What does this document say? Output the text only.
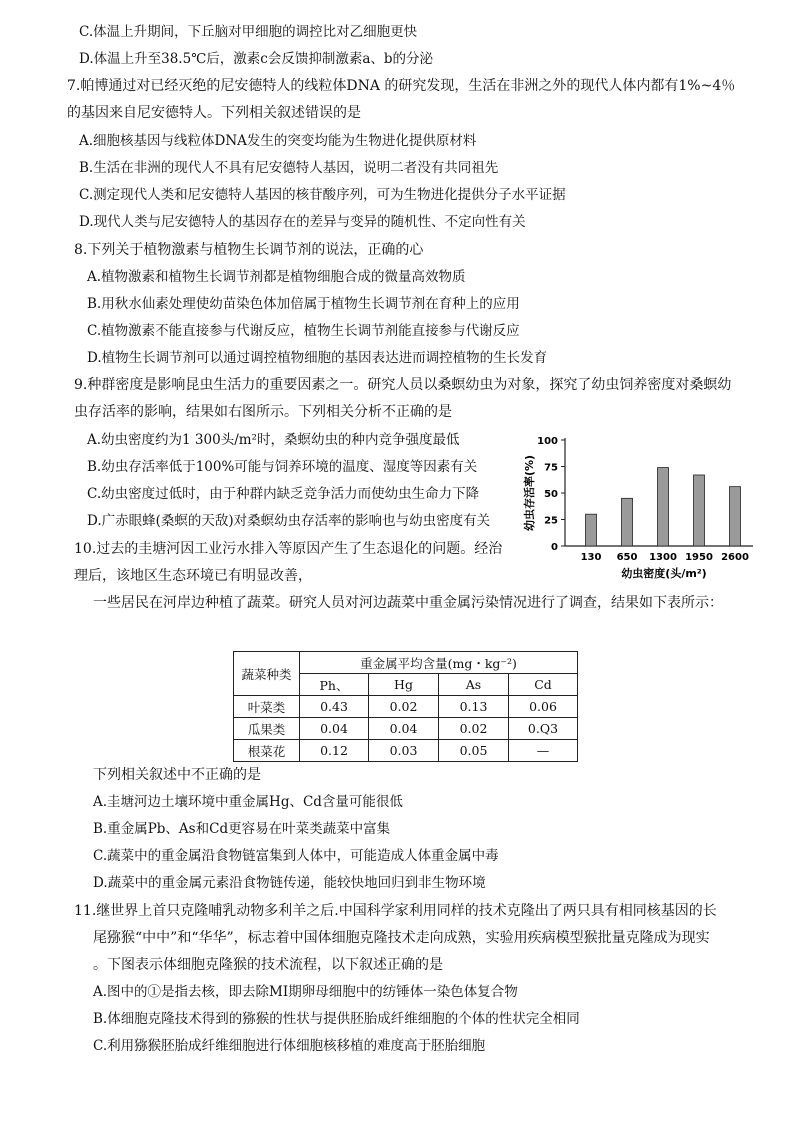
C.体温上升期间，下丘脑对甲细胞的调控比对乙细胞更快
D.体温上升至38.5℃后，激素c会反馈抑制激素a、b的分泌
7.帕博通过对已经灭绝的尼安德特人的线粒体DNA 的研究发现，生活在非洲之外的现代人体内都有1%~4％
的基因来自尼安德特人。下列相关叙述错误的是
A.细胞核基因与线粒体DNA发生的突变均能为生物进化提供原材料
B.生活在非洲的现代人不具有尼安德特人基因，说明二者没有共同祖先
C.测定现代人类和尼安德特人基因的核苷酸序列，可为生物进化提供分子水平证据
D.现代人类与尼安德特人的基因存在的差异与变异的随机性、不定向性有关
8.下列关于植物激素与植物生长调节剂的说法，正确的心
A.植物激素和植物生长调节剂都是植物细胞合成的微量高效物质
B.用秋水仙素处理使幼苗染色体加倍属于植物生长调节剂在育种上的应用
C.植物激素不能直接参与代谢反应，植物生长调节剂能直接参与代谢反应
D.植物生长调节剂可以通过调控植物细胞的基因表达进而调控植物的生长发育
9.种群密度是影响昆虫生活力的重要因素之一。研究人员以桑螟幼虫为对象，探究了幼虫饲养密度对桑螟幼
虫存活率的影响，结果如右图所示。下列相关分析不正确的是
A.幼虫密度约为1 300头/m²时，桑螟幼虫的种内竞争强度最低
B.幼虫存活率低于100%可能与饲养环境的温度、湿度等因素有关
C.幼虫密度过低时，由于种群内缺乏竞争活力而使幼虫生命力下降
D.广赤眼蜂(桑螟的天敌)对桑螟幼虫存活率的影响也与幼虫密度有关
10.过去的圭塘河因工业污水排入等原因产生了生态退化的问题。经治
理后，该地区生态环境已有明显改善，
一些居民在河岸边种植了蔬菜。研究人员对河边蔬菜中重金属污染情况进行了调查，结果如下表所示：
蔬菜种类	重金属平均含量(mg・kg⁻²)			
	Ph、	Hg	As	Cd
叶菜类	0.43	0.02	0.13	0.06
瓜果类	0.04	0.04	0.02	0.Q3
根菜花	0.12	0.03	0.05	—
下列相关叙述中不正确的是
A.圭塘河边土壤环境中重金属Hg、Cd含量可能很低
B.重金属Pb、As和Cd更容易在叶菜类蔬菜中富集
C.蔬菜中的重金属沿食物链富集到人体中，可能造成人体重金属中毒
D.蔬菜中的重金属元素沿食物链传递，能较快地回归到非生物环境
11.继世界上首只克隆哺乳动物多利羊之后.中国科学家利用同样的技术克隆出了两只具有相同核基因的长
尾猕猴“中中”和“华华”，标志着中国体细胞克隆技术走向成熟，实验用疾病模型猴批量克隆成为现实
。下图表示体细胞克隆猴的技术流程，以下叙述正确的是
A.图中的①是指去核，即去除MⅠ期卵母细胞中的纺锤体一染色体复合物
B.体细胞克隆技术得到的猕猴的性状与提供胚胎成纤维细胞的个体的性状完全相同
C.利用猕猴胚胎成纤维细胞进行体细胞核移植的难度高于胚胎细胞
0
25
50
75
100
130 650 1300 1950 2600
幼虫密度(头/m²)
幼虫存活率(%)
